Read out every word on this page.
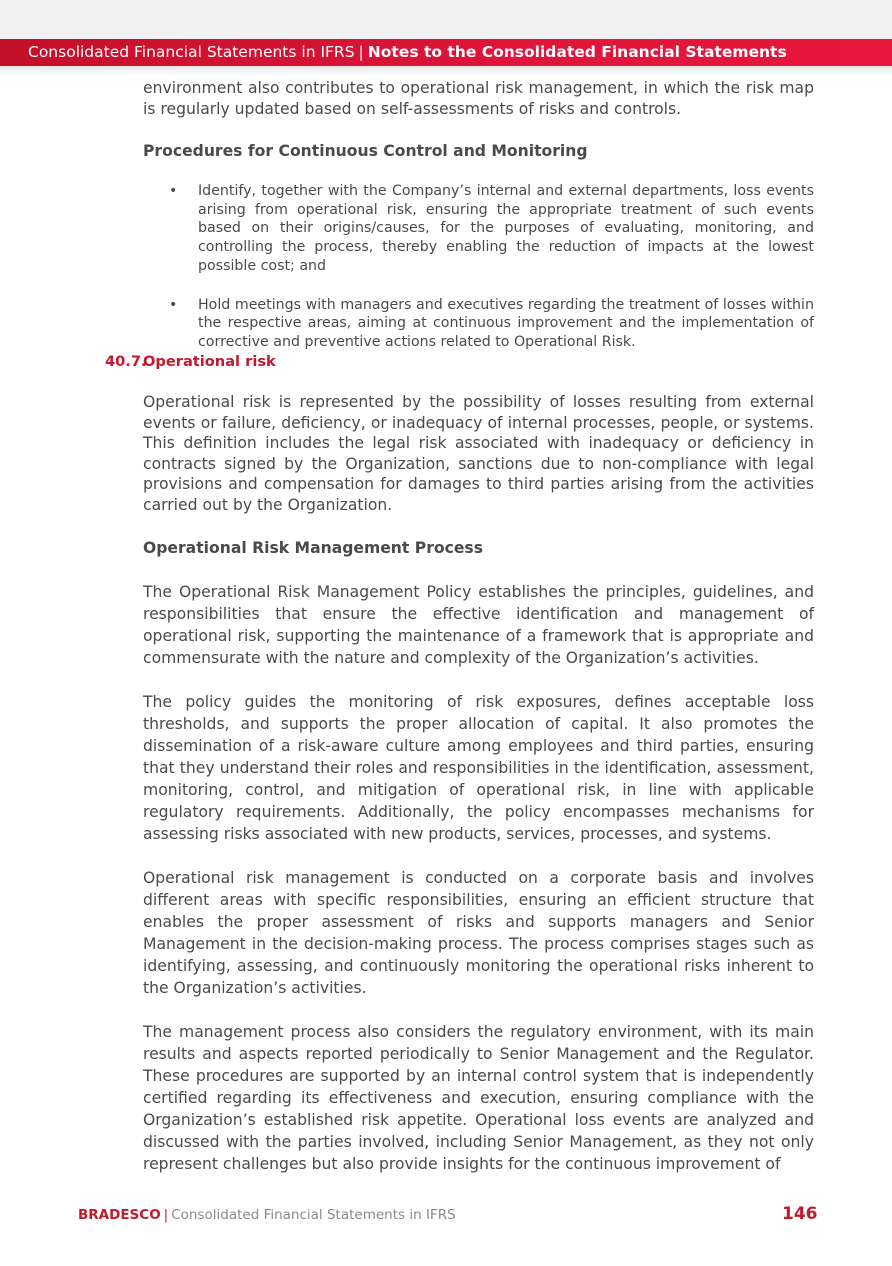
Consolidated Financial Statements in IFRS | Notes to the Consolidated Financial Statements

environment also contributes to operational risk management, in which the risk map is regularly updated based on self-assessments of risks and controls.

Procedures for Continuous Control and Monitoring
• Identify, together with the Company’s internal and external departments, loss events arising from operational risk, ensuring the appropriate treatment of such events based on their origins/causes, for the purposes of evaluating, monitoring, and controlling the process, thereby enabling the reduction of impacts at the lowest possible cost; and
• Hold meetings with managers and executives regarding the treatment of losses within the respective areas, aiming at continuous improvement and the implementation of corrective and preventive actions related to Operational Risk.
40.7.Operational risk

Operational risk is represented by the possibility of losses resulting from external events or failure, deficiency, or inadequacy of internal processes, people, or systems. This definition includes the legal risk associated with inadequacy or deficiency in contracts signed by the Organization, sanctions due to non-compliance with legal provisions and compensation for damages to third parties arising from the activities carried out by the Organization.

Operational Risk Management Process

The Operational Risk Management Policy establishes the principles, guidelines, and responsibilities that ensure the effective identification and management of operational risk, supporting the maintenance of a framework that is appropriate and commensurate with the nature and complexity of the Organization’s activities.

The policy guides the monitoring of risk exposures, defines acceptable loss thresholds, and supports the proper allocation of capital. It also promotes the dissemination of a risk-aware culture among employees and third parties, ensuring that they understand their roles and responsibilities in the identification, assessment, monitoring, control, and mitigation of operational risk, in line with applicable regulatory requirements. Additionally, the policy encompasses mechanisms for assessing risks associated with new products, services, processes, and systems.

Operational risk management is conducted on a corporate basis and involves different areas with specific responsibilities, ensuring an efficient structure that enables the proper assessment of risks and supports managers and Senior Management in the decision-making process. The process comprises stages such as identifying, assessing, and continuously monitoring the operational risks inherent to the Organization’s activities.

The management process also considers the regulatory environment, with its main results and aspects reported periodically to Senior Management and the Regulator. These procedures are supported by an internal control system that is independently certified regarding its effectiveness and execution, ensuring compliance with the Organization’s established risk appetite. Operational loss events are analyzed and discussed with the parties involved, including Senior Management, as they not only represent challenges but also provide insights for the continuous improvement of

BRADESCO | Consolidated Financial Statements in IFRS	146
